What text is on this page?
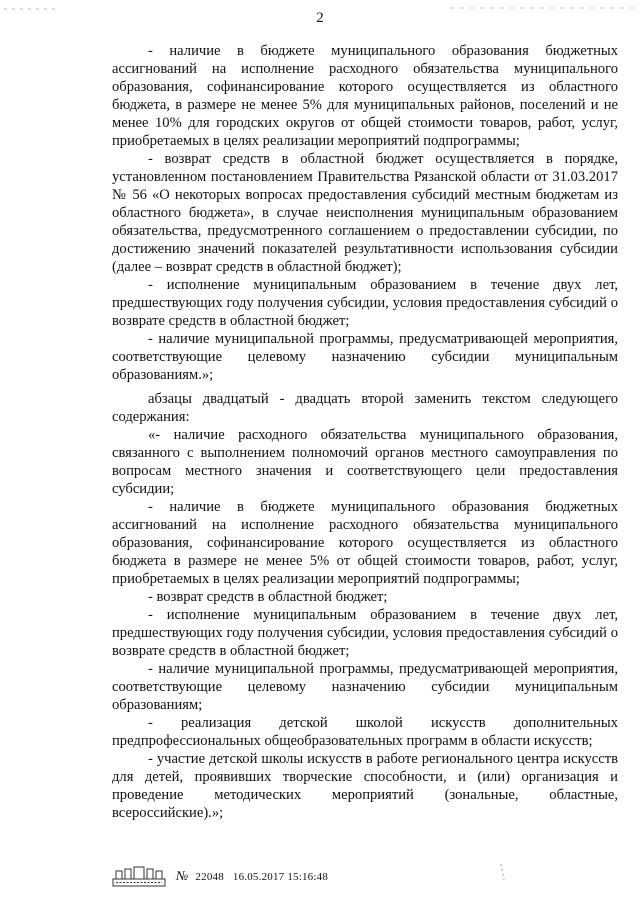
2

- наличие в бюджете муниципального образования бюджетных ассигнований на исполнение расходного обязательства муниципального образования, софинансирование которого осуществляется из областного бюджета, в размере не менее 5% для муниципальных районов, поселений и не менее 10% для городских округов от общей стоимости товаров, работ, услуг, приобретаемых в целях реализации мероприятий подпрограммы;

- возврат средств в областной бюджет осуществляется в порядке, установленном постановлением Правительства Рязанской области от 31.03.2017 № 56 «О некоторых вопросах предоставления субсидий местным бюджетам из областного бюджета», в случае неисполнения муниципальным образованием обязательства, предусмотренного соглашением о предоставлении субсидии, по достижению значений показателей результативности использования субсидии (далее – возврат средств в областной бюджет);

- исполнение муниципальным образованием в течение двух лет, предшествующих году получения субсидии, условия предоставления субсидий о возврате средств в областной бюджет;

- наличие муниципальной программы, предусматривающей мероприятия, соответствующие целевому назначению субсидии муниципальным образованиям.»;

абзацы двадцатый - двадцать второй заменить текстом следующего содержания:

«- наличие расходного обязательства муниципального образования, связанного с выполнением полномочий органов местного самоуправления по вопросам местного значения и соответствующего цели предоставления субсидии;

- наличие в бюджете муниципального образования бюджетных ассигнований на исполнение расходного обязательства муниципального образования, софинансирование которого осуществляется из областного бюджета в размере не менее 5% от общей стоимости товаров, работ, услуг, приобретаемых в целях реализации мероприятий подпрограммы;

- возврат средств в областной бюджет;

- исполнение муниципальным образованием в течение двух лет, предшествующих году получения субсидии, условия предоставления субсидий о возврате средств в областной бюджет;

- наличие муниципальной программы, предусматривающей мероприятия, соответствующие целевому назначению субсидии муниципальным образованиям;

- реализация детской школой искусств дополнительных предпрофессиональных общеобразовательных программ в области искусств;

- участие детской школы искусств в работе регионального центра искусств для детей, проявивших творческие способности, и (или) организация и проведение методических мероприятий (зональные, областные, всероссийские).»;

№ 22048 16.05.2017 15:16:48
